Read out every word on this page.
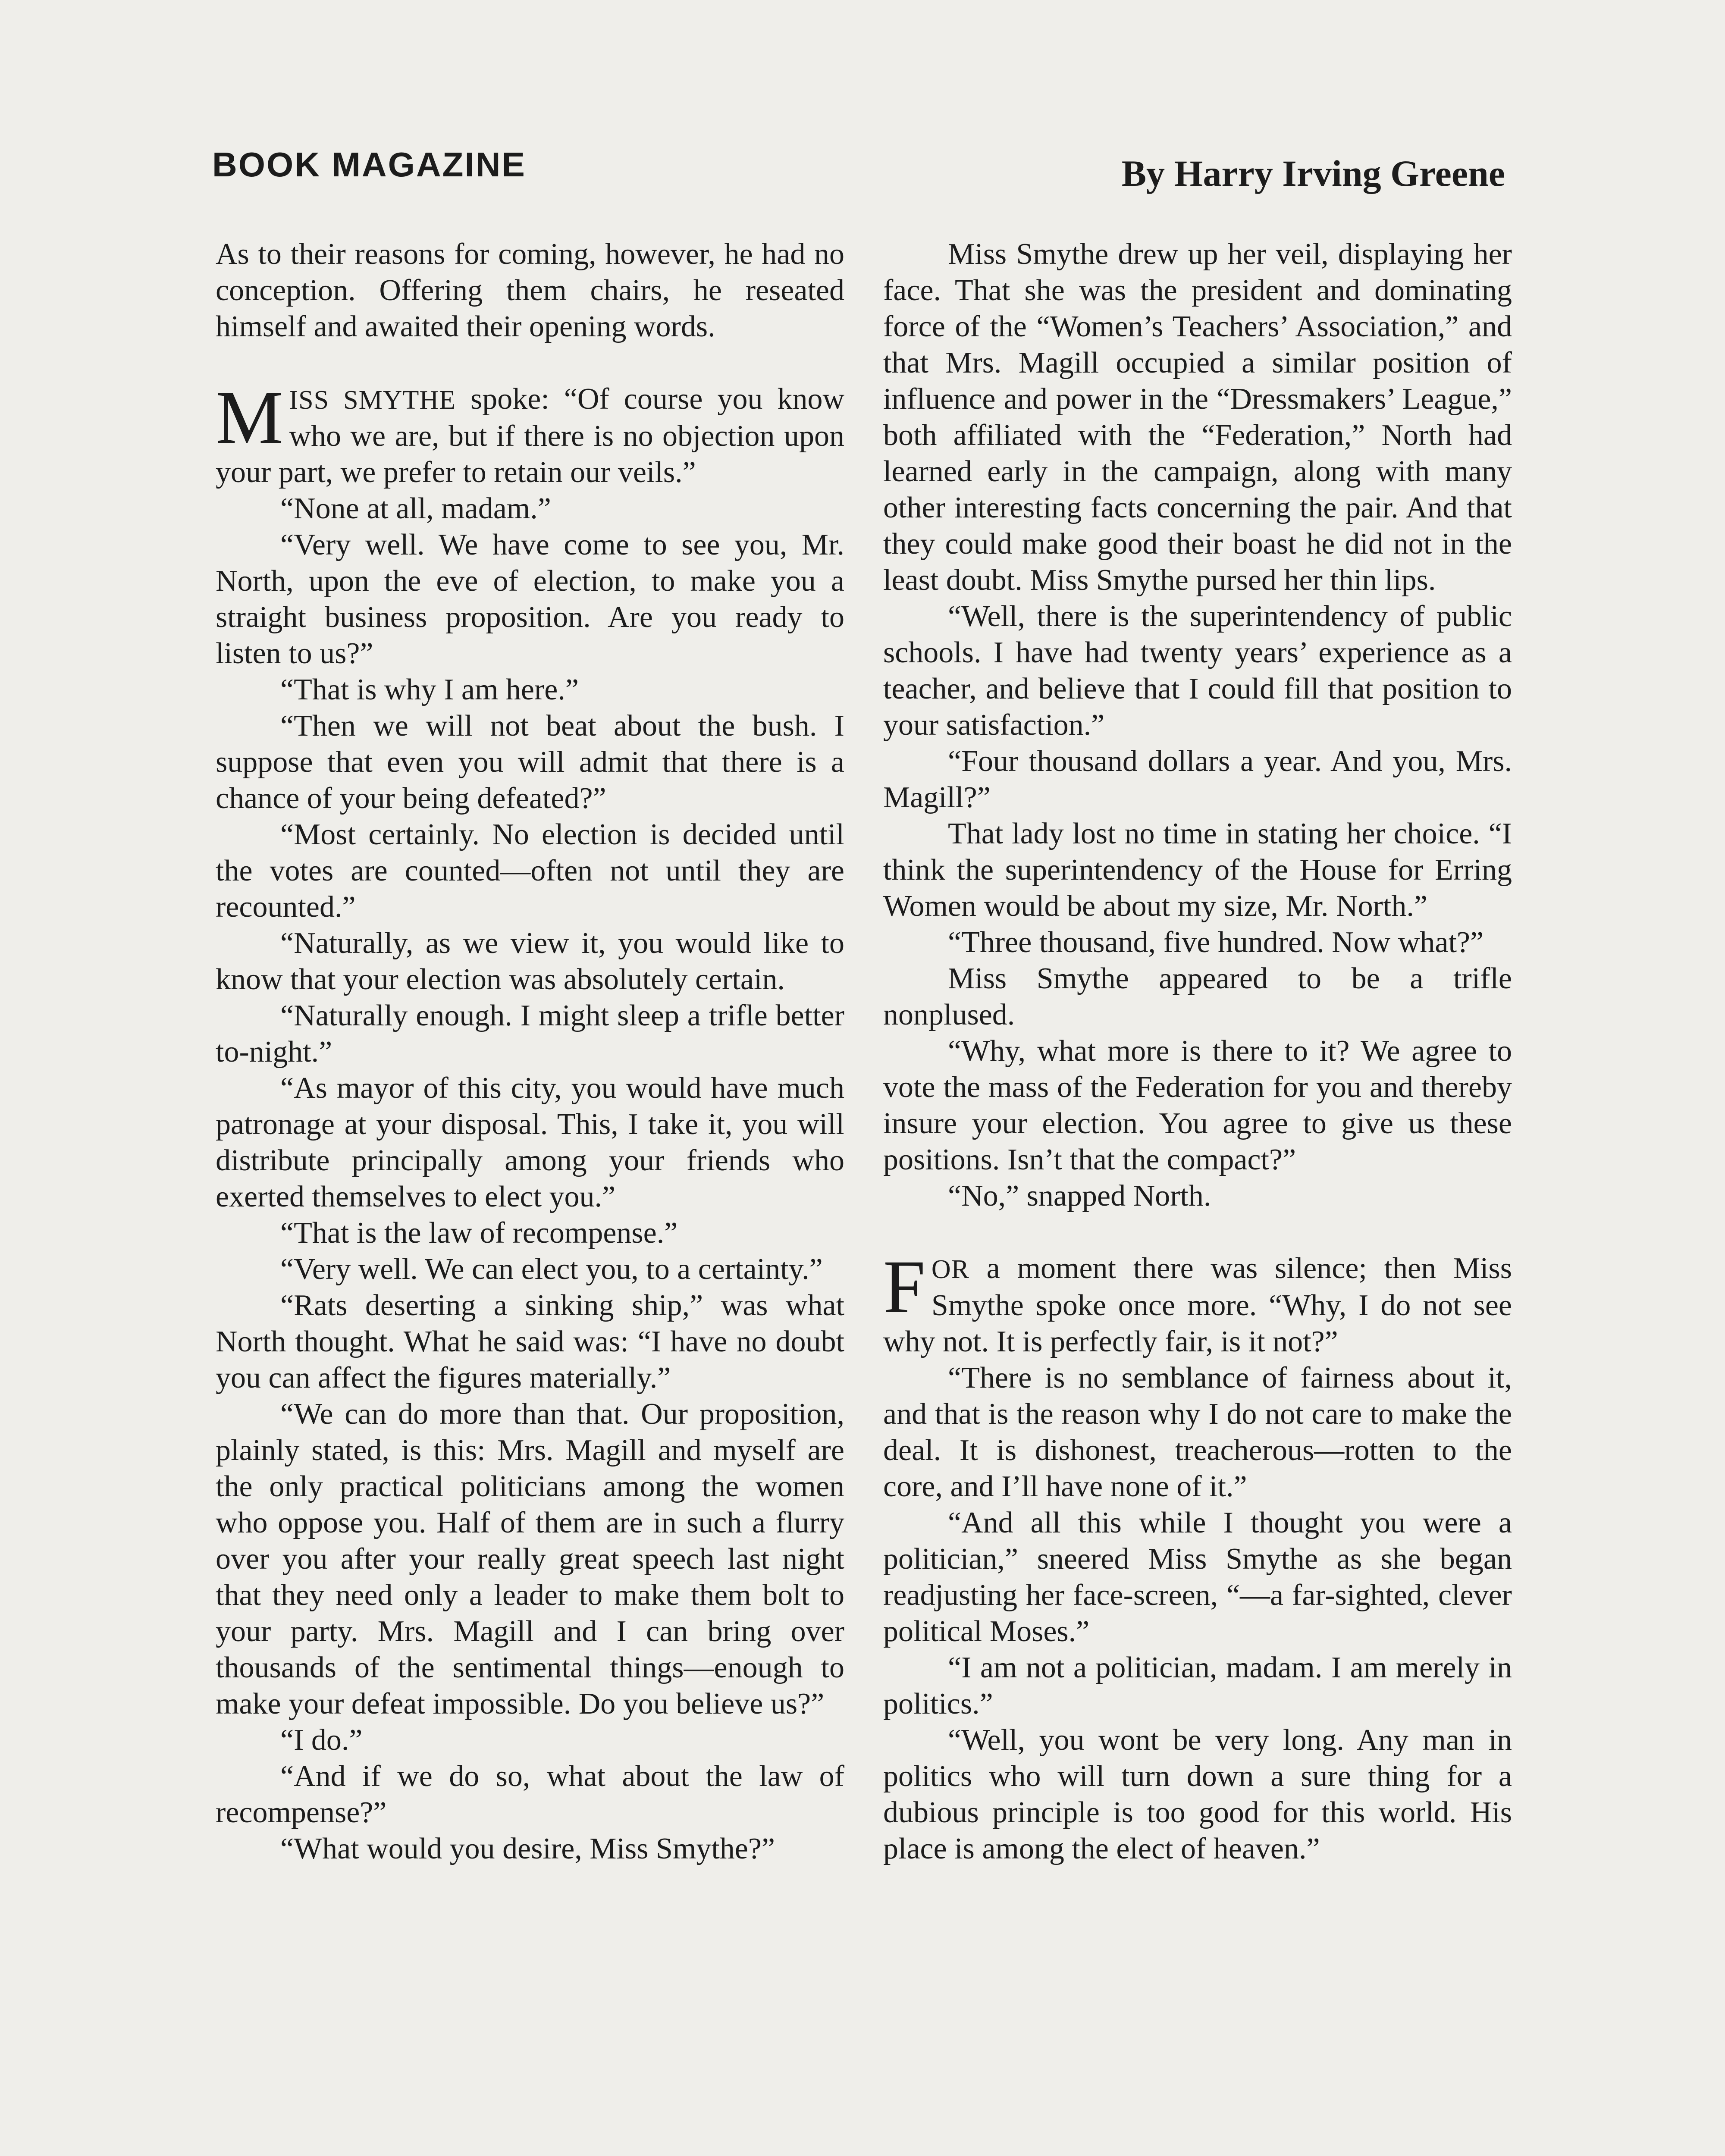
BOOK MAGAZINE	By Harry Irving Greene

As to their reasons for coming, however, he had no conception. Offering them chairs, he reseated himself and awaited their opening words.

MISS SMYTHE spoke: “Of course you know who we are, but if there is no objection upon your part, we prefer to retain our veils.”

“None at all, madam.”

“Very well. We have come to see you, Mr. North, upon the eve of election, to make you a straight business proposition. Are you ready to listen to us?”

“That is why I am here.”

“Then we will not beat about the bush. I suppose that even you will admit that there is a chance of your being defeated?”

“Most certainly. No election is decided until the votes are counted—often not until they are recounted.”

“Naturally, as we view it, you would like to know that your election was absolutely certain.

“Naturally enough. I might sleep a trifle better to-night.”

“As mayor of this city, you would have much patronage at your disposal. This, I take it, you will distribute principally among your friends who exerted themselves to elect you.”

“That is the law of recompense.”

“Very well. We can elect you, to a certainty.”

“Rats deserting a sinking ship,” was what North thought. What he said was: “I have no doubt you can affect the figures materially.”

“We can do more than that. Our proposition, plainly stated, is this: Mrs. Magill and myself are the only practical politicians among the women who oppose you. Half of them are in such a flurry over you after your really great speech last night that they need only a leader to make them bolt to your party. Mrs. Magill and I can bring over thousands of the sentimental things—enough to make your defeat impossible. Do you believe us?”

“I do.”

“And if we do so, what about the law of recompense?”

“What would you desire, Miss Smythe?”

Miss Smythe drew up her veil, displaying her face. That she was the president and dominating force of the “Women’s Teachers’ Association,” and that Mrs. Magill occupied a similar position of influence and power in the “Dressmakers’ League,” both affiliated with the “Federation,” North had learned early in the campaign, along with many other interesting facts concerning the pair. And that they could make good their boast he did not in the least doubt. Miss Smythe pursed her thin lips.

“Well, there is the superintendency of public schools. I have had twenty years’ experience as a teacher, and believe that I could fill that position to your satisfaction.”

“Four thousand dollars a year. And you, Mrs. Magill?”

That lady lost no time in stating her choice. “I think the superintendency of the House for Erring Women would be about my size, Mr. North.”

“Three thousand, five hundred. Now what?”

Miss Smythe appeared to be a trifle nonplused.

“Why, what more is there to it? We agree to vote the mass of the Federation for you and thereby insure your election. You agree to give us these positions. Isn’t that the compact?”

“No,” snapped North.

FOR a moment there was silence; then Miss Smythe spoke once more. “Why, I do not see why not. It is perfectly fair, is it not?”

“There is no semblance of fairness about it, and that is the reason why I do not care to make the deal. It is dishonest, treacherous—rotten to the core, and I’ll have none of it.”

“And all this while I thought you were a politician,” sneered Miss Smythe as she began readjusting her face-screen, “—a far-sighted, clever political Moses.”

“I am not a politician, madam. I am merely in politics.”

“Well, you wont be very long. Any man in politics who will turn down a sure thing for a dubious principle is too good for this world. His place is among the elect of heaven.”
